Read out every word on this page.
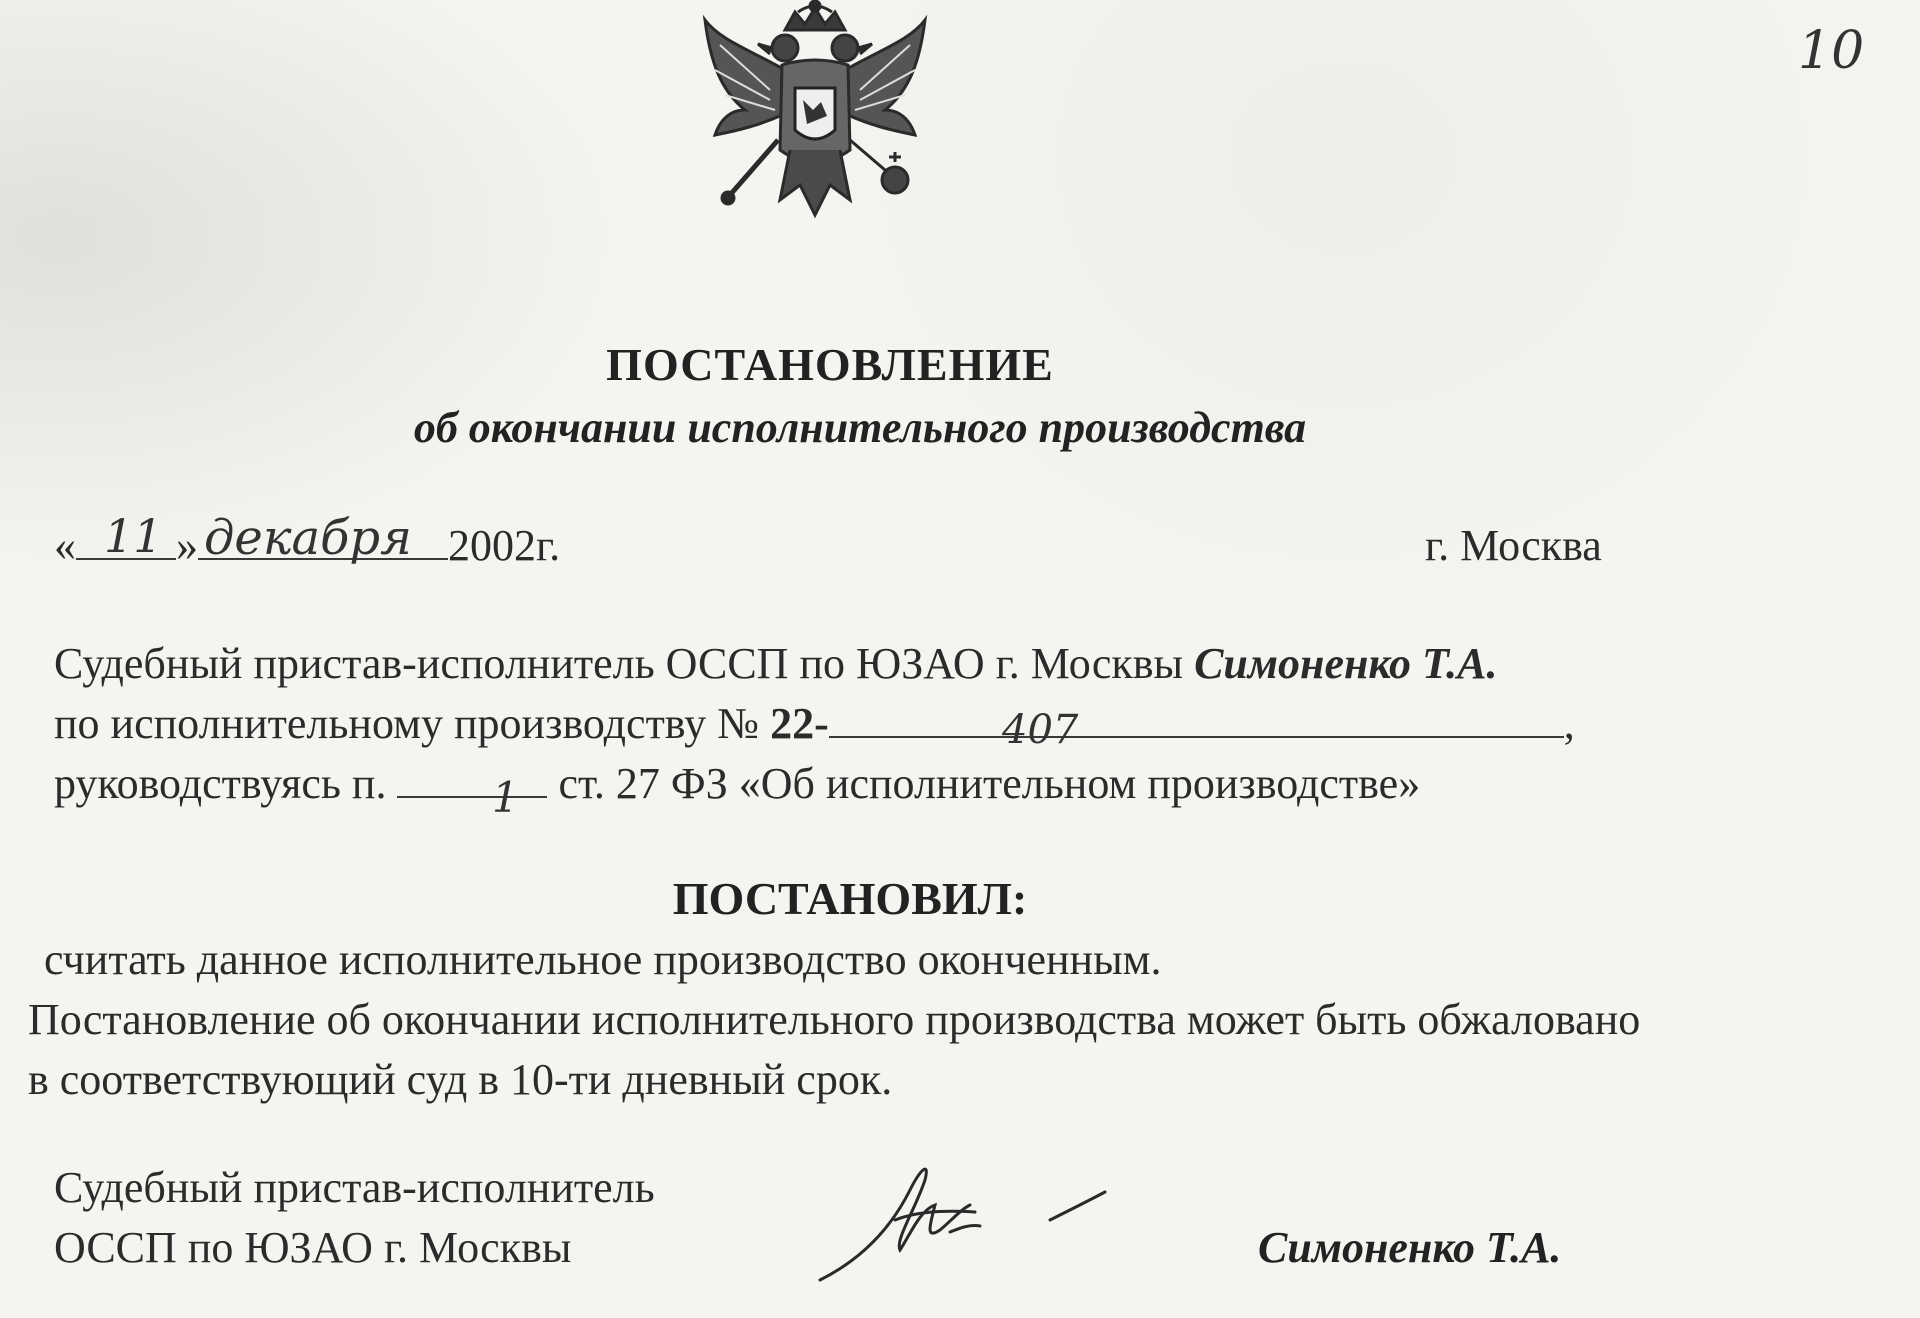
10
ПОСТАНОВЛЕНИЕ
об окончании исполнительного производства
« »	2002г.
11 декабря	г. Москва
Судебный пристав-исполнитель ОССП по ЮЗАО г. Москвы Симоненко Т.А.
по исполнительному производству № 22-	,
407
руководствуясь п.	ст. 27 ФЗ «Об исполнительном производстве»
1
ПОСТАНОВИЛ:
считать данное исполнительное производство оконченным.
Постановление об окончании исполнительного производства может быть обжаловано
в соответствующий суд в 10-ти дневный срок.
Судебный пристав-исполнитель
ОССП по ЮЗАО г. Москвы	Симоненко Т.А.
